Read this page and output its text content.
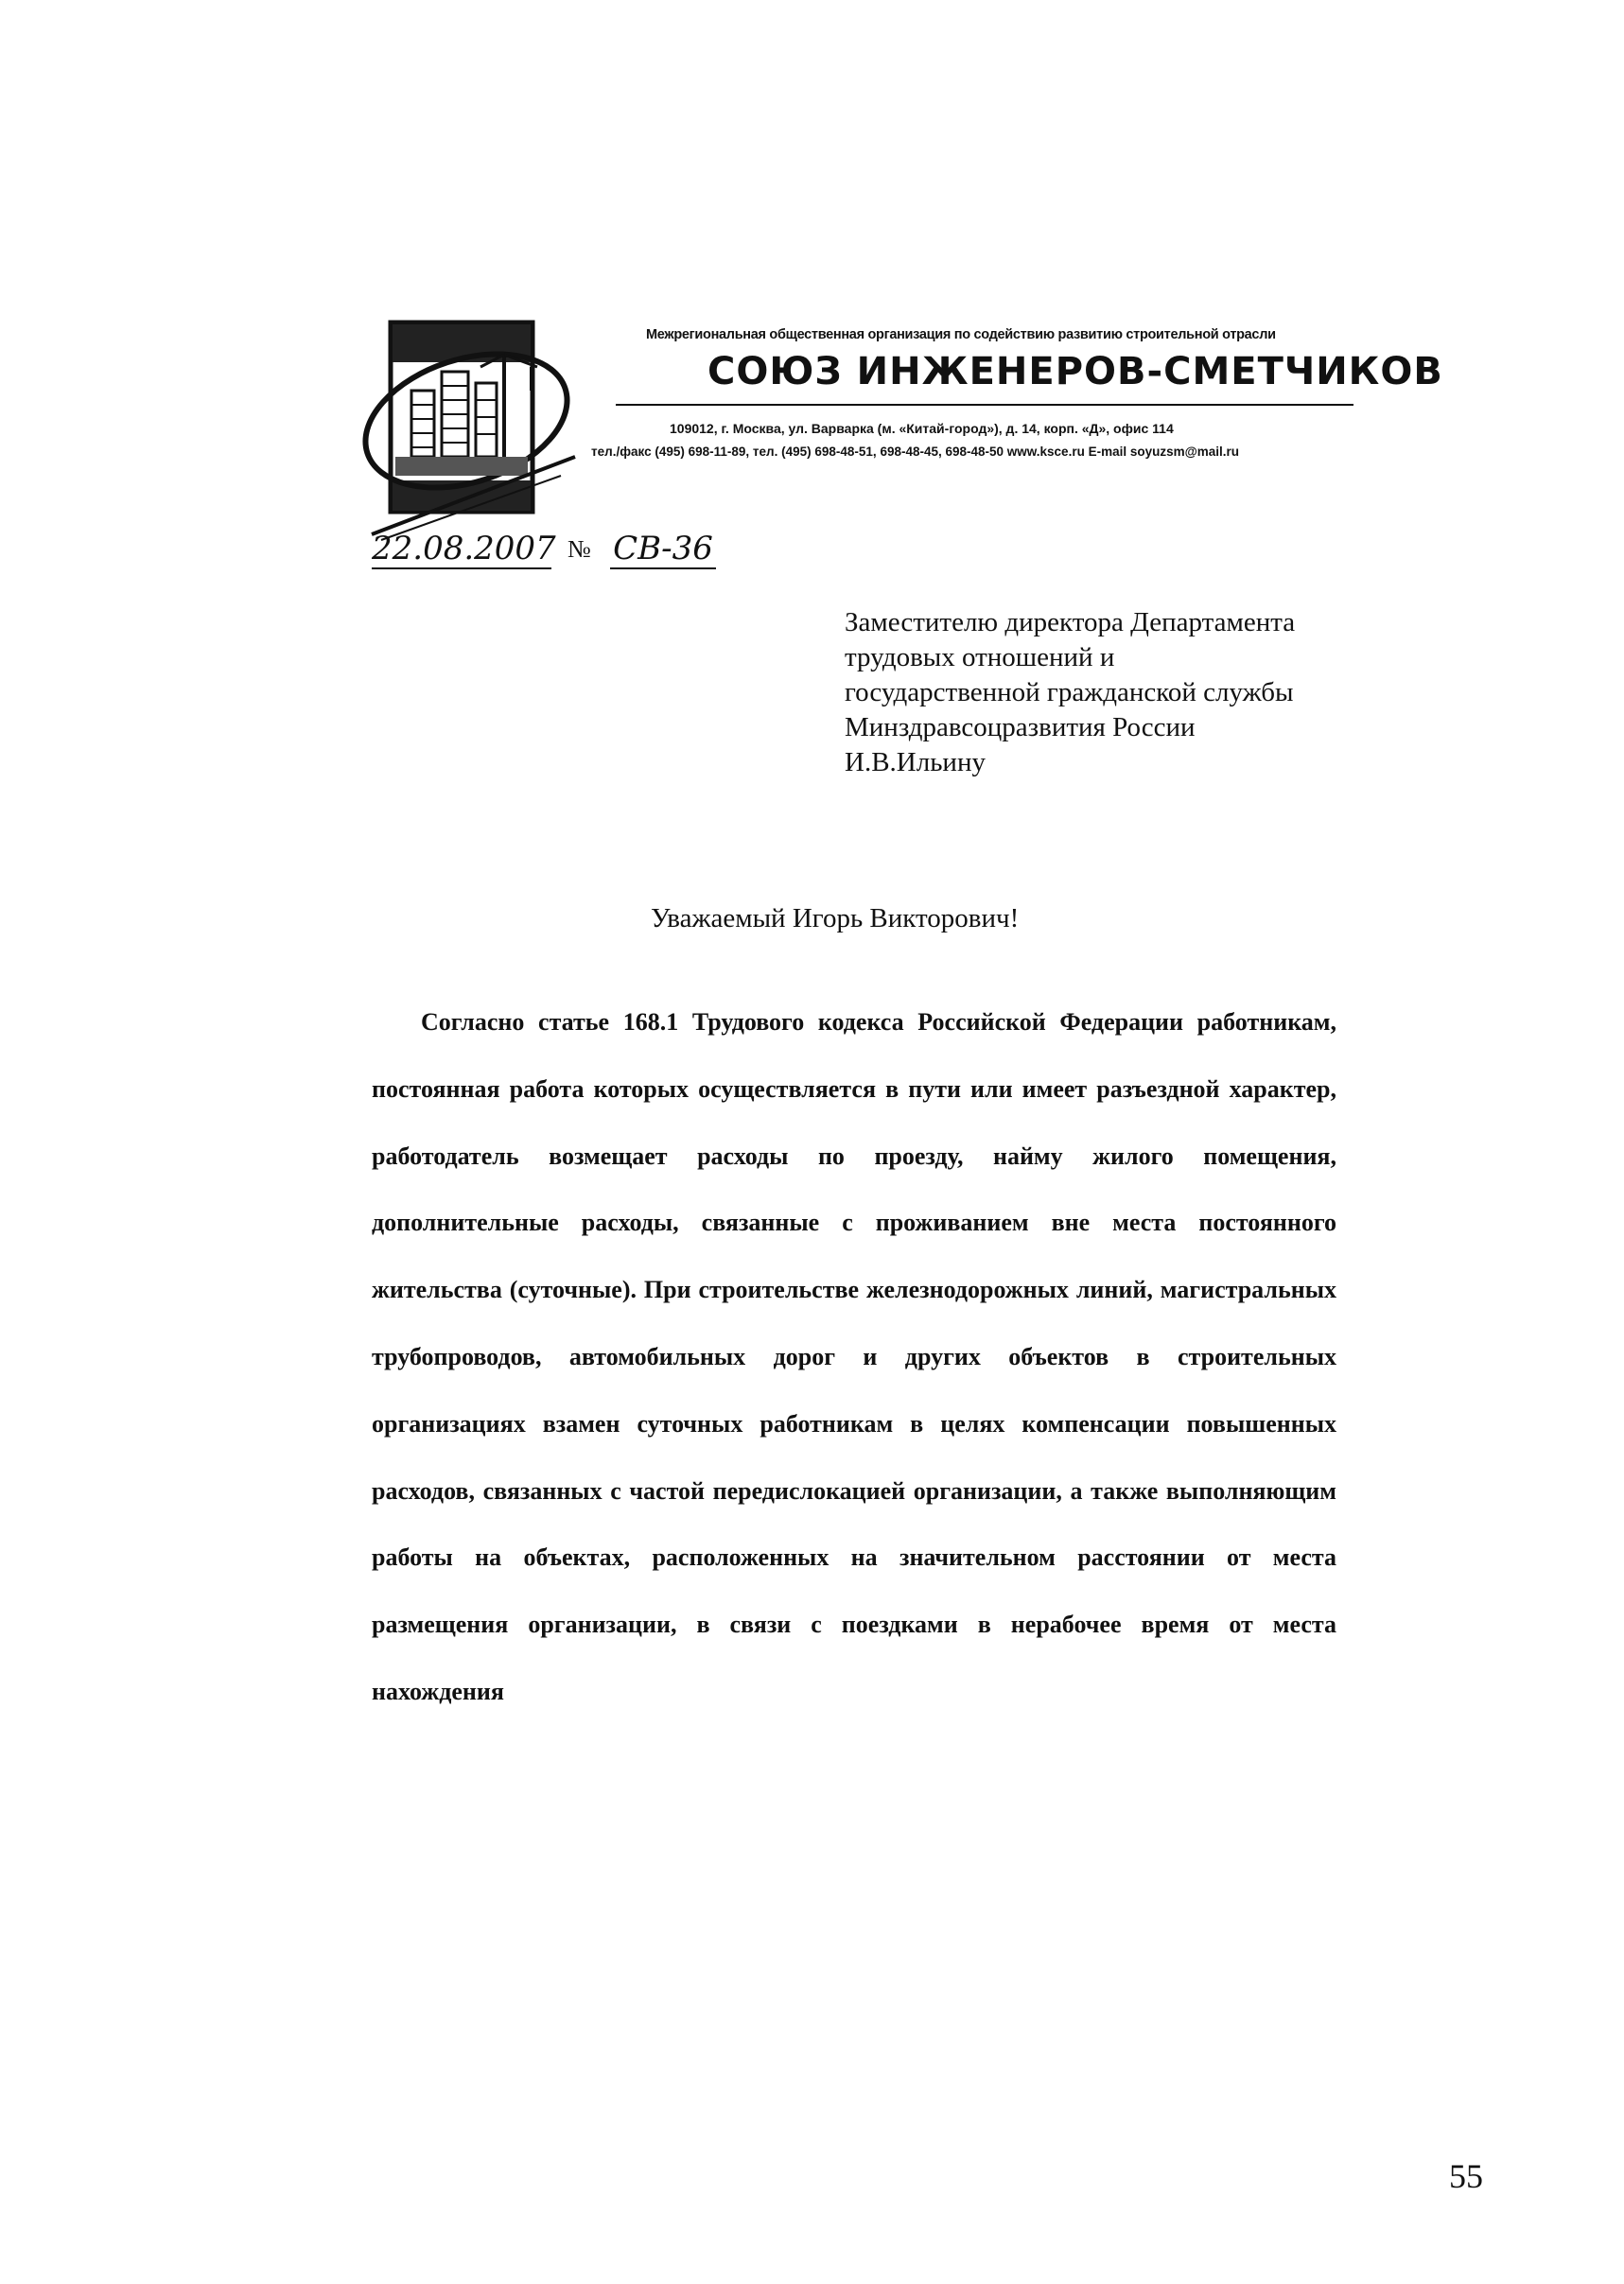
Межрегиональная общественная организация по содействию развитию строительной отрасли
СОЮЗ ИНЖЕНЕРОВ-СМЕТЧИКОВ
109012, г. Москва, ул. Варварка (м. «Китай-город»), д. 14, корп. «Д», офис 114
тел./факс (495) 698-11-89, тел. (495) 698-48-51, 698-48-45, 698-48-50 www.ksce.ru E-mail soyuzsm@mail.ru
22.08.2007 № СВ-36
Заместителю директора Департамента
трудовых отношений и
государственной гражданской службы
Минздравсоцразвития России
И.В.Ильину
Уважаемый Игорь Викторович!
Согласно статье 168.1 Трудового кодекса Российской Федерации работникам, постоянная работа которых осуществляется в пути или имеет разъездной характер, работодатель возмещает расходы по проезду, найму жилого помещения, дополнительные расходы, связанные с проживанием вне места постоянного жительства (суточные). При строительстве железнодорожных линий, магистральных трубопроводов, автомобильных дорог и других объектов в строительных организациях взамен суточных работникам в целях компенсации повышенных расходов, связанных с частой передислокацией организации, а также выполняющим работы на объектах, расположенных на значительном расстоянии от места размещения организации, в связи с поездками в нерабочее время от места нахождения
55
